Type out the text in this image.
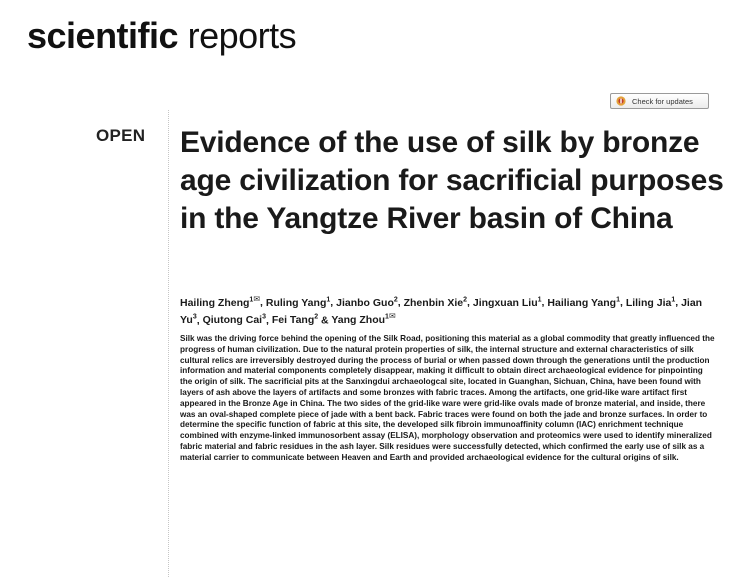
scientific reports
Check for updates
OPEN Evidence of the use of silk by bronze age civilization for sacrificial purposes in the Yangtze River basin of China

Hailing Zheng$^{1✉}$, Ruling Yang$^1$, Jianbo Guo$^2$, Zhenbin Xie$^2$, Jingxuan Liu$^1$, Hailiang Yang$^1$, Liling Jia$^1$, Jian Yu$^3$, Qiutong Cai$^3$, Fei Tang$^2$ & Yang Zhou$^{1✉}$

Silk was the driving force behind the opening of the Silk Road, positioning this material as a global commodity that greatly influenced the progress of human civilization. Due to the natural protein properties of silk, the internal structure and external characteristics of silk cultural relics are irreversibly destroyed during the process of burial or when passed down through the generations until the production information and material components completely disappear, making it difficult to obtain direct archaeological evidence for pinpointing the origin of silk. The sacrificial pits at the Sanxingdui archaeologcal site, located in Guanghan, Sichuan, China, have been found with layers of ash above the layers of artifacts and some bronzes with fabric traces. Among the artifacts, one grid-like ware artifact first appeared in the Bronze Age in China. The two sides of the grid-like ware were grid-like ovals made of bronze material, and inside, there was an oval-shaped complete piece of jade with a bent back. Fabric traces were found on both the jade and bronze surfaces. In order to determine the specific function of fabric at this site, the developed silk fibroin immunoaffinity column (IAC) enrichment technique combined with enzyme-linked immunosorbent assay (ELISA), morphology observation and proteomics were used to identify mineralized fabric material and fabric residues in the ash layer. Silk residues were successfully detected, which confirmed the early use of silk as a material carrier to communicate between Heaven and Earth and provided archaeological evidence for the cultural origins of silk.
